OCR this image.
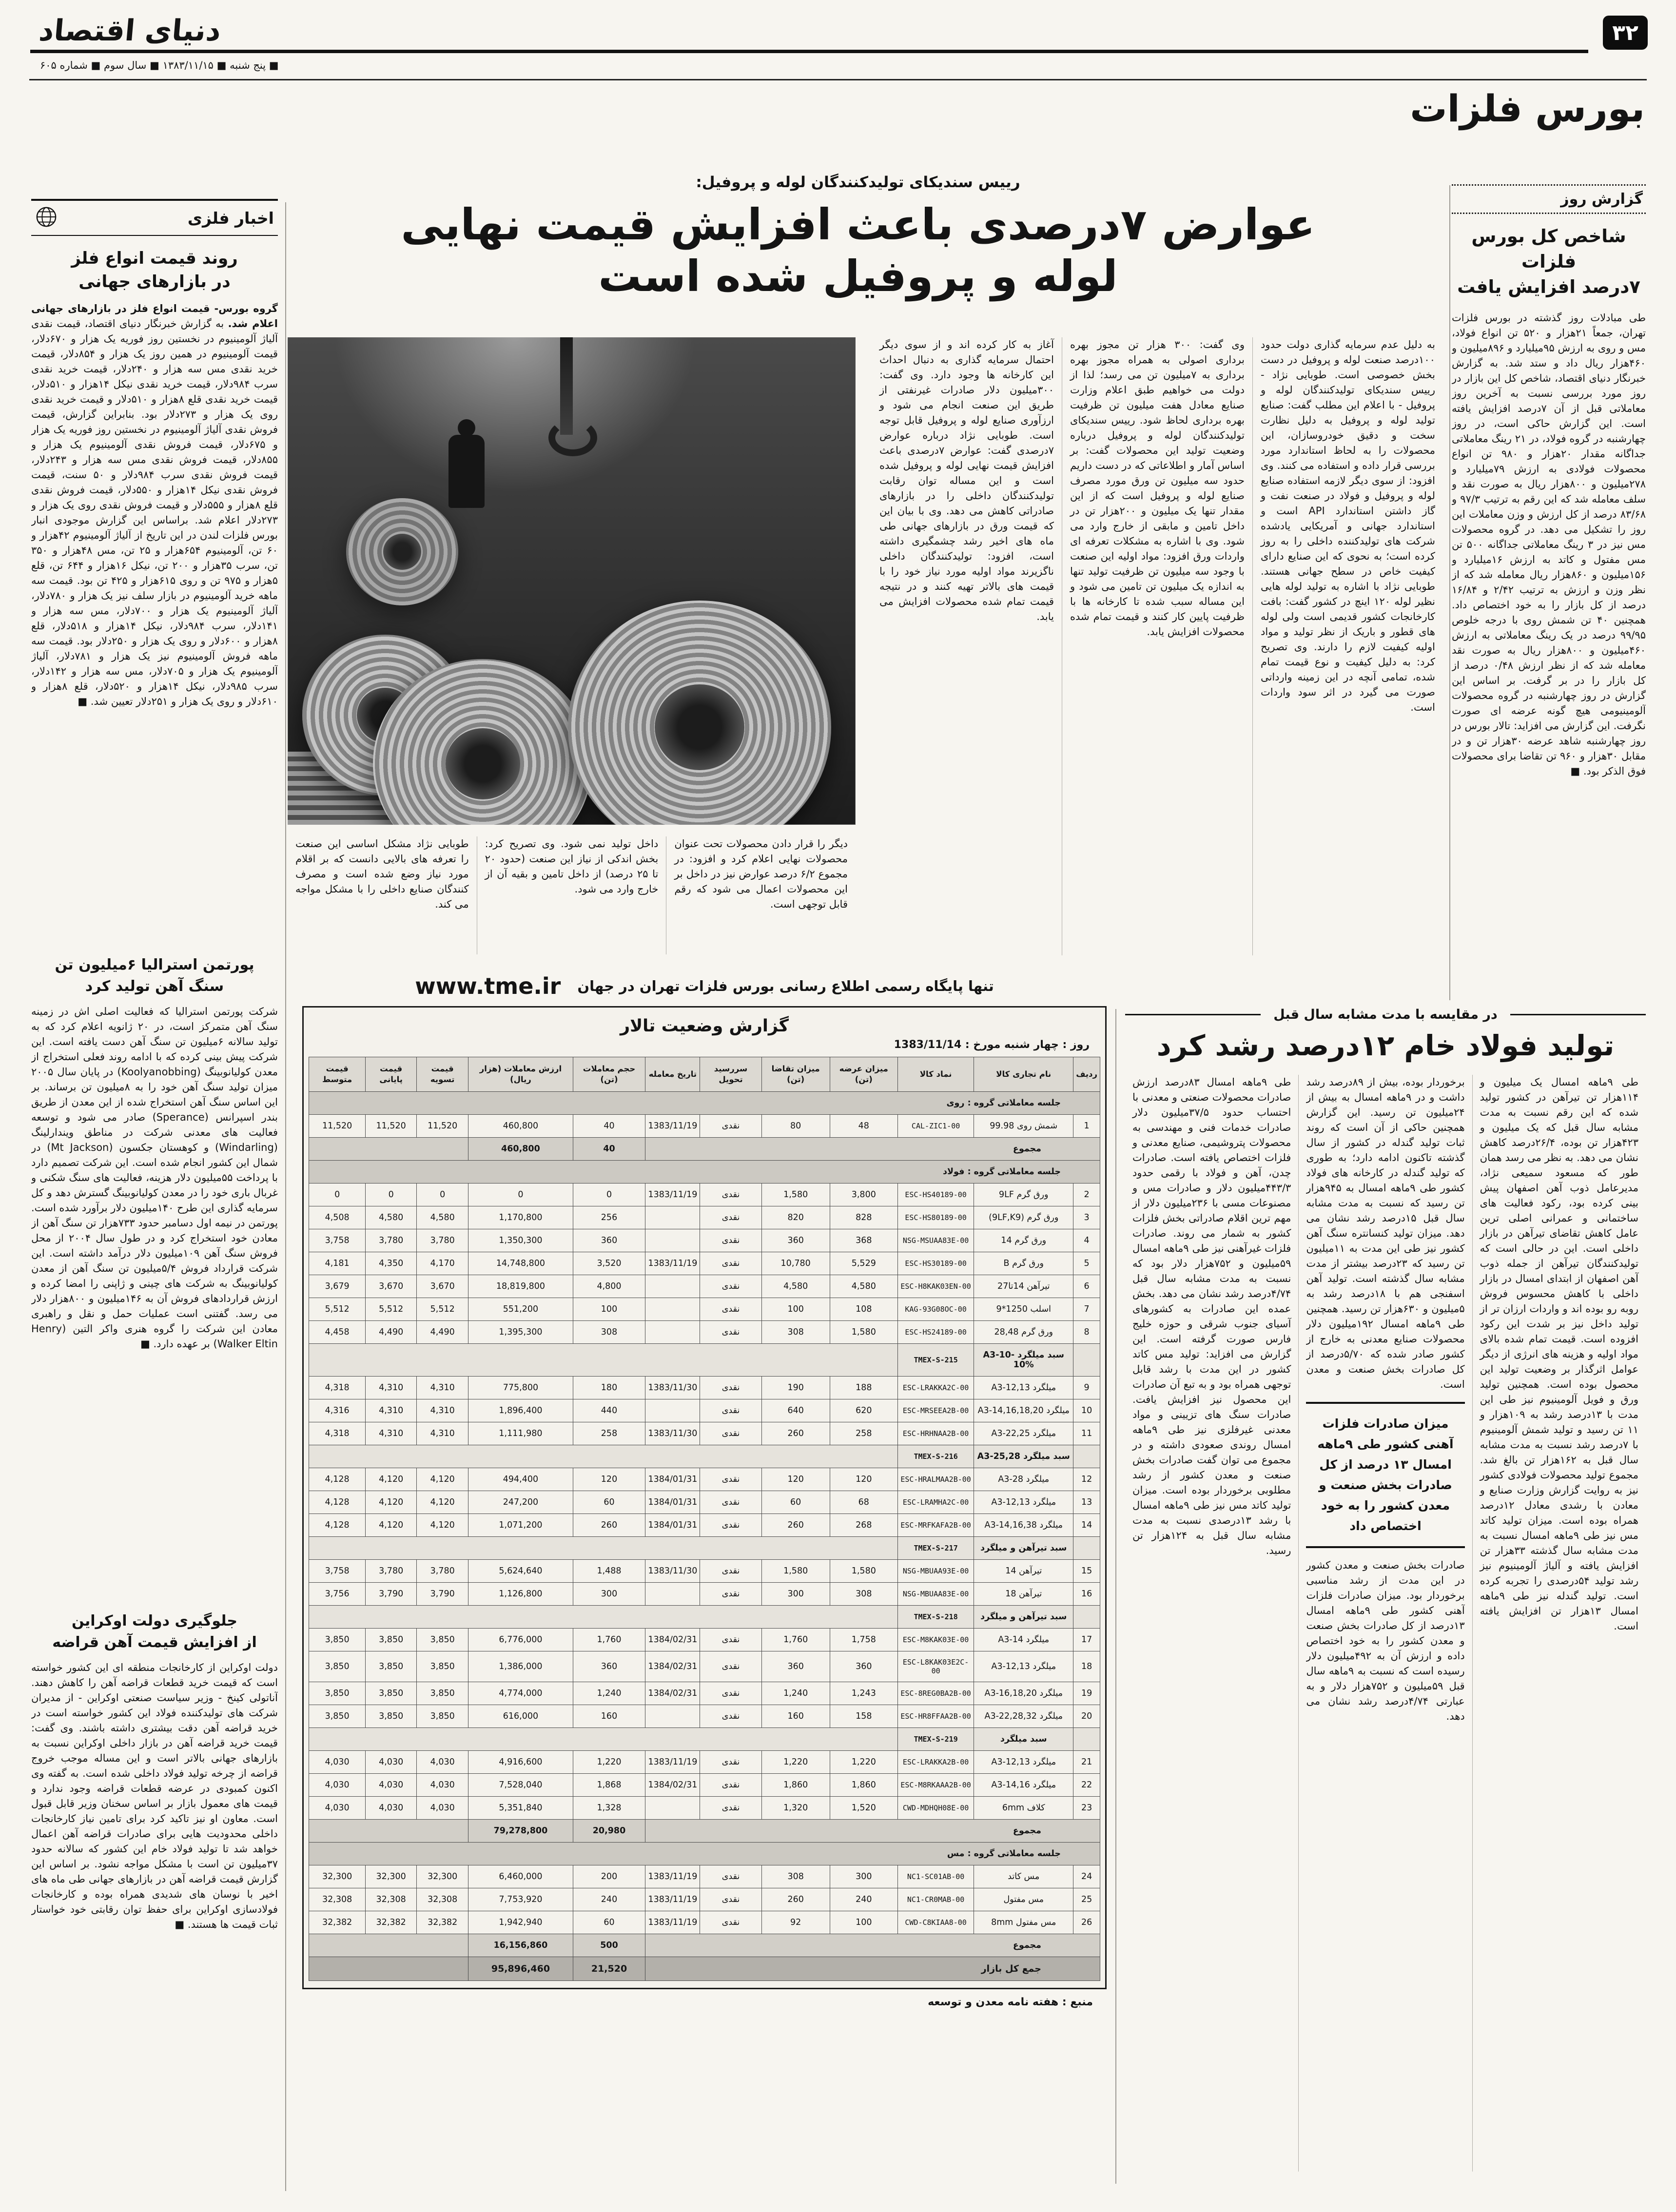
دنیای اقتصاد	۳۲
■ پنج شنبه ■ ۱۳۸۳/۱۱/۱۵ ■ سال سوم ■ شماره ۶۰۵
بورس فلزات
گزارش روز
شاخص کل بورس فلزات
۷درصد افزایش یافت
طی مبادلات روز گذشته در بورس فلزات تهران، جمعاً ۲۱هزار و ۵۲۰ تن انواع فولاد، مس و روی به ارزش ۹۵میلیارد و ۸۹۶میلیون و ۴۶۰هزار ریال داد و ستد شد. به گزارش خبرنگار دنیای اقتصاد، شاخص کل این بازار در روز مورد بررسی نسبت به آخرین روز معاملاتی قبل از آن ۷درصد افزایش یافته است. این گزارش حاکی است، در روز چهارشنبه در گروه فولاد، در ۲۱ رینگ معاملاتی جداگانه مقدار ۲۰هزار و ۹۸۰ تن انواع محصولات فولادی به ارزش ۷۹میلیارد و ۲۷۸میلیون و ۸۰۰هزار ریال به صورت نقد و سلف معامله شد که این رقم به ترتیب ۹۷/۳ و ۸۳/۶۸ درصد از کل ارزش و وزن معاملات این روز را تشکیل می دهد. در گروه محصولات مس نیز در ۳ رینگ معاملاتی جداگانه ۵۰۰ تن مس مفتول و کاتد به ارزش ۱۶میلیارد و ۱۵۶میلیون و ۸۶۰هزار ریال معامله شد که از نظر وزن و ارزش به ترتیب ۲/۴۲ و ۱۶/۸۴ درصد از کل بازار را به خود اختصاص داد. همچنین ۴۰ تن شمش روی با درجه خلوص ۹۹/۹۵ درصد در یک رینگ معاملاتی به ارزش ۴۶۰میلیون و ۸۰۰هزار ریال به صورت نقد معامله شد که از نظر ارزش ۰/۴۸ درصد از کل بازار را در بر گرفت. بر اساس این گزارش در روز چهارشنبه در گروه محصولات آلومینیومی هیچ گونه عرضه ای صورت نگرفت. این گزارش می افزاید: تالار بورس در روز چهارشنبه شاهد عرضه ۳۰هزار تن و در مقابل ۳۰هزار و ۹۶۰ تن تقاضا برای محصولات فوق الذکر بود. ■
رییس سندیکای تولیدکنندگان لوله و پروفیل:
عوارض ۷درصدی باعث افزایش قیمت نهایی
لوله و پروفیل شده است
به دلیل عدم سرمایه گذاری دولت حدود ۱۰۰درصد صنعت لوله و پروفیل در دست بخش خصوصی است. طوبایی نژاد - رییس سندیکای تولیدکنندگان لوله و پروفیل - با اعلام این مطلب گفت: صنایع تولید لوله و پروفیل به دلیل نظارت سخت و دقیق خودروسازان، این محصولات را به لحاظ استاندارد مورد بررسی قرار داده و استفاده می کنند. وی افزود: از سوی دیگر لازمه استفاده صنایع لوله و پروفیل و فولاد در صنعت نفت و گاز داشتن استاندارد API است و استاندارد جهانی و آمریکایی یادشده شرکت های تولیدکننده داخلی را به روز کرده است؛ به نحوی که این صنایع دارای کیفیت خاص در سطح جهانی هستند. طوبایی نژاد با اشاره به تولید لوله هایی نظیر لوله ۱۲۰ اینچ در کشور گفت: بافت کارخانجات کشور قدیمی است ولی لوله های قطور و باریک از نظر تولید و مواد اولیه کیفیت لازم را دارند. وی تصریح کرد: به دلیل کیفیت و نوع قیمت تمام شده، تمامی آنچه در این زمینه وارداتی صورت می گیرد در اثر سود واردات است.
وی گفت: ۳۰۰ هزار تن مجوز بهره برداری اصولی به همراه مجوز بهره برداری به ۷میلیون تن می رسد؛ لذا از دولت می خواهیم طبق اعلام وزارت صنایع معادل هفت میلیون تن ظرفیت بهره برداری لحاظ شود. رییس سندیکای تولیدکنندگان لوله و پروفیل درباره وضعیت تولید این محصولات گفت: بر اساس آمار و اطلاعاتی که در دست داریم حدود سه میلیون تن ورق مورد مصرف صنایع لوله و پروفیل است که از این مقدار تنها یک میلیون و ۲۰۰هزار تن در داخل تامین و مابقی از خارج وارد می شود. وی با اشاره به مشکلات تعرفه ای واردات ورق افزود: مواد اولیه این صنعت با وجود سه میلیون تن ظرفیت تولید تنها به اندازه یک میلیون تن تامین می شود و این مساله سبب شده تا کارخانه ها با ظرفیت پایین کار کنند و قیمت تمام شده محصولات افزایش یابد.
آغاز به کار کرده اند و از سوی دیگر احتمال سرمایه گذاری به دنبال احداث این کارخانه ها وجود دارد. وی گفت: ۳۰۰میلیون دلار صادرات غیرنفتی از طریق این صنعت انجام می شود و ارزآوری صنایع لوله و پروفیل قابل توجه است. طوبایی نژاد درباره عوارض ۷درصدی گفت: عوارض ۷درصدی باعث افزایش قیمت نهایی لوله و پروفیل شده است و این مساله توان رقابت تولیدکنندگان داخلی را در بازارهای صادراتی کاهش می دهد. وی با بیان این که قیمت ورق در بازارهای جهانی طی ماه های اخیر رشد چشمگیری داشته است، افزود: تولیدکنندگان داخلی ناگزیرند مواد اولیه مورد نیاز خود را با قیمت های بالاتر تهیه کنند و در نتیجه قیمت تمام شده محصولات افزایش می یابد.
دیگر را قرار دادن محصولات تحت عنوان محصولات نهایی اعلام کرد و افزود: در مجموع ۶/۲ درصد عوارض نیز در داخل بر این محصولات اعمال می شود که رقم قابل توجهی است.
داخل تولید نمی شود. وی تصریح کرد: بخش اندکی از نیاز این صنعت (حدود ۲۰ تا ۲۵ درصد) از داخل تامین و بقیه آن از خارج وارد می شود.
طوبایی نژاد مشکل اساسی این صنعت را تعرفه های بالایی دانست که بر اقلام مورد نیاز وضع شده است و مصرف کنندگان صنایع داخلی را با مشکل مواجه می کند.
اخبار فلزی
روند قیمت انواع فلز
در بازارهای جهانی
گروه بورس- قیمت انواع فلز در بازارهای جهانی اعلام شد. به گزارش خبرنگار دنیای اقتصاد، قیمت نقدی آلیاژ آلومینیوم در نخستین روز فوریه یک هزار و ۶۷۰دلار، قیمت آلومینیوم در همین روز یک هزار و ۸۵۴دلار، قیمت خرید نقدی مس سه هزار و ۲۴۰دلار، قیمت خرید نقدی سرب ۹۸۴دلار، قیمت خرید نقدی نیکل ۱۴هزار و ۵۱۰دلار، قیمت خرید نقدی قلع ۸هزار و ۵۱۰دلار و قیمت خرید نقدی روی یک هزار و ۲۷۳دلار بود. بنابراین گزارش، قیمت فروش نقدی آلیاژ آلومینیوم در نخستین روز فوریه یک هزار و ۶۷۵دلار، قیمت فروش نقدی آلومینیوم یک هزار و ۸۵۵دلار، قیمت فروش نقدی مس سه هزار و ۲۴۳دلار، قیمت فروش نقدی سرب ۹۸۴دلار و ۵۰ سنت، قیمت فروش نقدی نیکل ۱۴هزار و ۵۵۰دلار، قیمت فروش نقدی قلع ۸هزار و ۵۵۵دلار و قیمت فروش نقدی روی یک هزار و ۲۷۳دلار اعلام شد. براساس این گزارش موجودی انبار بورس فلزات لندن در این تاریخ از آلیاژ آلومینیوم ۴۲هزار و ۶۰ تن، آلومینیوم ۶۵۴هزار و ۲۵ تن، مس ۴۸هزار و ۳۵۰ تن، سرب ۳۵هزار و ۲۰۰ تن، نیکل ۱۶هزار و ۶۴۴ تن، قلع ۵هزار و ۹۷۵ تن و روی ۶۱۵هزار و ۴۲۵ تن بود. قیمت سه ماهه خرید آلومینیوم در بازار سلف نیز یک هزار و ۷۸۰دلار، آلیاژ آلومینیوم یک هزار و ۷۰۰دلار، مس سه هزار و ۱۴۱دلار، سرب ۹۸۴دلار، نیکل ۱۴هزار و ۵۱۸دلار، قلع ۸هزار و ۶۰۰دلار و روی یک هزار و ۲۵۰دلار بود. قیمت سه ماهه فروش آلومینیوم نیز یک هزار و ۷۸۱دلار، آلیاژ آلومینیوم یک هزار و ۷۰۵دلار، مس سه هزار و ۱۴۲دلار، سرب ۹۸۵دلار، نیکل ۱۴هزار و ۵۲۰دلار، قلع ۸هزار و ۶۱۰دلار و روی یک هزار و ۲۵۱دلار تعیین شد. ■
پورتمن استرالیا ۶میلیون تن
سنگ آهن تولید کرد
شرکت پورتمن استرالیا که فعالیت اصلی اش در زمینه سنگ آهن متمرکز است، در ۲۰ ژانویه اعلام کرد که به تولید سالانه ۶میلیون تن سنگ آهن دست یافته است. این شرکت پیش بینی کرده که با ادامه روند فعلی استخراج از معدن کولیانوبینگ (Koolyanobbing) در پایان سال ۲۰۰۵ میزان تولید سنگ آهن خود را به ۸میلیون تن برساند. بر این اساس سنگ آهن استخراج شده از این معدن از طریق بندر اسپرانس (Sperance) صادر می شود و توسعه فعالیت های معدنی شرکت در مناطق ویندارلینگ (Windarling) و کوهستان جکسون (Mt Jackson) در شمال این کشور انجام شده است. این شرکت تصمیم دارد با پرداخت ۵۵میلیون دلار هزینه، فعالیت های سنگ شکنی و غربال باری خود را در معدن کولیانوبینگ گسترش دهد و کل سرمایه گذاری این طرح ۱۴۰میلیون دلار برآورد شده است. پورتمن در نیمه اول دسامبر حدود ۷۳۳هزار تن سنگ آهن از معادن خود استخراج کرد و در طول سال ۲۰۰۴ از محل فروش سنگ آهن ۱۰۹میلیون دلار درآمد داشته است. این شرکت قرارداد فروش ۵/۴میلیون تن سنگ آهن از معدن کولیانوبینگ به شرکت های چینی و ژاپنی را امضا کرده و ارزش قراردادهای فروش آن به ۱۴۶میلیون و ۸۰۰هزار دلار می رسد. گفتنی است عملیات حمل و نقل و راهبری معادن این شرکت را گروه هنری واکر التین (Henry Walker Eltin) بر عهده دارد. ■
جلوگیری دولت اوکراین
از افزایش قیمت آهن قراضه
دولت اوکراین از کارخانجات منطقه ای این کشور خواسته است که قیمت خرید قطعات قراضه آهن را کاهش دهند. آناتولی کینخ - وزیر سیاست صنعتی اوکراین - از مدیران شرکت های تولیدکننده فولاد این کشور خواسته است در خرید قراضه آهن دقت بیشتری داشته باشند. وی گفت: قیمت خرید قراضه آهن در بازار داخلی اوکراین نسبت به بازارهای جهانی بالاتر است و این مساله موجب خروج قراضه از چرخه تولید فولاد داخلی شده است. به گفته وی اکنون کمبودی در عرضه قطعات قراضه وجود ندارد و قیمت های معمول بازار بر اساس سخنان وزیر قابل قبول است. معاون او نیز تاکید کرد برای تامین نیاز کارخانجات داخلی محدودیت هایی برای صادرات قراضه آهن اعمال خواهد شد تا تولید فولاد خام این کشور که سالانه حدود ۳۷میلیون تن است با مشکل مواجه نشود. بر اساس این گزارش قیمت قراضه آهن در بازارهای جهانی طی ماه های اخیر با نوسان های شدیدی همراه بوده و کارخانجات فولادسازی اوکراین برای حفظ توان رقابتی خود خواستار ثبات قیمت ها هستند. ■
تنها پایگاه رسمی اطلاع رسانی بورس فلزات تهران در جهان
www.tme.ir
گزارش وضعیت تالار
روز : چهار شنبه مورخ : 1383/11/14
ردیف	نام تجاری کالا	نماد کالا	میزان عرضه (تن)	میزان تقاضا (تن)	سررسید تحویل	تاریخ معامله	حجم معاملات (تن)	ارزش معاملات (هزار ریال)	قیمت تسویه	قیمت پایانی	قیمت متوسط
جلسه معاملاتی گروه : روی											
1	شمش روی 99.98	CAL-ZIC1-00	48	80	نقدی	1383/11/19	40	460,800	11,520	11,520	11,520
مجموع							40	460,800			
جلسه معاملاتی گروه : فولاد											
2	ورق گرم 9LF	ESC-HS40189-00	3,800	1,580	نقدی	1383/11/19	0	0	0	0	0
3	ورق گرم (9LF,K9)	ESC-HS80189-00	828	820	نقدی		256	1,170,800	4,580	4,580	4,508
4	ورق گرم 14	NSG-MSUAA83E-00	368	360	نقدی		360	1,350,300	3,780	3,780	3,758
5	ورق گرم B	ESC-HS30189-00	5,529	10,780	نقدی	1383/11/19	3,520	14,748,800	4,170	4,350	4,181
6	تیرآهن 14تا27	ESC-H8KAK03EN-00	4,580	4,580	نقدی		4,800	18,819,800	3,670	3,670	3,679
7	اسلب 1250*9	KAG-93G08OC-00	108	100	نقدی		100	551,200	5,512	5,512	5,512
8	ورق گرم 28,48	ESC-HS24189-00	1,580	308	نقدی		308	1,395,300	4,490	4,490	4,458
	سبد میلگرد A3-10-10%	TMEX-S-215									
9	میلگرد A3-12,13	ESC-LRAKKA2C-00	188	190	نقدی	1383/11/30	180	775,800	4,310	4,310	4,318
10	میلگرد A3-14,16,18,20	ESC-MRSEEA2B-00	620	640	نقدی		440	1,896,400	4,310	4,310	4,316
11	میلگرد A3-22,25	ESC-HRHNAA2B-00	258	260	نقدی	1383/11/30	258	1,111,980	4,310	4,310	4,318
	سبد میلگرد A3-25,28	TMEX-S-216									
12	میلگرد A3-28	ESC-HRALMAA2B-00	120	120	نقدی	1384/01/31	120	494,400	4,120	4,120	4,128
13	میلگرد A3-12,13	ESC-LRAMHA2C-00	68	60	نقدی	1384/01/31	60	247,200	4,120	4,120	4,128
14	میلگرد A3-14,16,38	ESC-MRFKAFA2B-00	268	260	نقدی	1384/01/31	260	1,071,200	4,120	4,120	4,128
	سبد تیرآهن و میلگرد	TMEX-S-217									
15	تیرآهن 14	NSG-MBUAA93E-00	1,580	1,580	نقدی	1383/11/30	1,488	5,624,640	3,780	3,780	3,758
16	تیرآهن 18	NSG-MBUAA83E-00	308	300	نقدی		300	1,126,800	3,790	3,790	3,756
	سبد تیرآهن و میلگرد	TMEX-S-218									
17	میلگرد A3-14	ESC-M8KAK03E-00	1,758	1,760	نقدی	1384/02/31	1,760	6,776,000	3,850	3,850	3,850
18	میلگرد A3-12,13	ESC-L8KAK03E2C-00	360	360	نقدی	1384/02/31	360	1,386,000	3,850	3,850	3,850
19	میلگرد A3-16,18,20	ESC-8REG0BA2B-00	1,243	1,240	نقدی	1384/02/31	1,240	4,774,000	3,850	3,850	3,850
20	میلگرد A3-22,28,32	ESC-HR8FFAA2B-00	158	160	نقدی		160	616,000	3,850	3,850	3,850
	سبد میلگرد	TMEX-S-219									
21	میلگرد A3-12,13	ESC-LRAKKA2B-00	1,220	1,220	نقدی	1383/11/19	1,220	4,916,600	4,030	4,030	4,030
22	میلگرد A3-14,16	ESC-M8RKAAA2B-00	1,860	1,860	نقدی	1384/02/31	1,868	7,528,040	4,030	4,030	4,030
23	کلاف 6mm	CWD-MDHQH08E-00	1,520	1,320	نقدی		1,328	5,351,840	4,030	4,030	4,030
مجموع							20,980	79,278,800			
جلسه معاملاتی گروه : مس											
24	مس کاتد	NC1-SC01AB-00	300	308	نقدی	1383/11/19	200	6,460,000	32,300	32,300	32,300
25	مس مفتول	NC1-CR0MAB-00	240	260	نقدی	1383/11/19	240	7,753,920	32,308	32,308	32,308
26	مس مفتول 8mm	CWD-C8KIAA8-00	100	92	نقدی	1383/11/19	60	1,942,940	32,382	32,382	32,382
مجموع							500	16,156,860			
جمع کل بازار							21,520	95,896,460			
منبع : هفته نامه معدن و توسعه
در مقایسه با مدت مشابه سال قبل
تولید فولاد خام ۱۲درصد رشد کرد
طی ۹ماهه امسال یک میلیون و ۱۱۴هزار تن تیرآهن در کشور تولید شده که این رقم نسبت به مدت مشابه سال قبل که یک میلیون و ۴۲۳هزار تن بوده، ۲۶/۴درصد کاهش نشان می دهد. به نظر می رسد همان طور که مسعود سمیعی نژاد، مدیرعامل ذوب آهن اصفهان پیش بینی کرده بود، رکود فعالیت های ساختمانی و عمرانی اصلی ترین عامل کاهش تقاضای تیرآهن در بازار داخلی است. این در حالی است که تولیدکنندگان تیرآهن از جمله ذوب آهن اصفهان از ابتدای امسال در بازار داخلی با کاهش محسوس فروش روبه رو بوده اند و واردات ارزان تر از تولید داخل نیز بر شدت این رکود افزوده است. قیمت تمام شده بالای مواد اولیه و هزینه های انرژی از دیگر عوامل اثرگذار بر وضعیت تولید این محصول بوده است. همچنین تولید ورق و فویل آلومینیوم نیز طی این مدت با ۱۳درصد رشد به ۱۰۹هزار و ۱۱ تن رسید و تولید شمش آلومینیوم با ۷درصد رشد نسبت به مدت مشابه سال قبل به ۱۶۲هزار تن بالغ شد. مجموع تولید محصولات فولادی کشور نیز به روایت گزارش وزارت صنایع و معادن با رشدی معادل ۱۲درصد همراه بوده است. میزان تولید کاتد مس نیز طی ۹ماهه امسال نسبت به مدت مشابه سال گذشته ۳۳هزار تن افزایش یافته و آلیاژ آلومینیوم نیز رشد تولید ۵۴درصدی را تجربه کرده است. تولید گندله نیز طی ۹ماهه امسال ۱۳هزار تن افزایش یافته است.
برخوردار بوده، بیش از ۸۹درصد رشد داشت و در ۹ماهه امسال به بیش از ۲۴میلیون تن رسید. این گزارش همچنین حاکی از آن است که روند ثبات تولید گندله در کشور از سال گذشته تاکنون ادامه دارد؛ به طوری که تولید گندله در کارخانه های فولاد کشور طی ۹ماهه امسال به ۹۴۵هزار تن رسید که نسبت به مدت مشابه سال قبل ۱۵درصد رشد نشان می دهد. میزان تولید کنسانتره سنگ آهن کشور نیز طی این مدت به ۱۱میلیون تن رسید که ۲۳درصد بیشتر از مدت مشابه سال گذشته است. تولید آهن اسفنجی هم با ۱۸درصد رشد به ۵میلیون و ۶۳۰هزار تن رسید. همچنین طی ۹ماهه امسال ۱۹۲میلیون دلار محصولات صنایع معدنی به خارج از کشور صادر شده که ۵/۷۰درصد از کل صادرات بخش صنعت و معدن است.
میزان صادرات فلزات آهنی کشور طی ۹ماهه امسال ۱۳ درصد از کل صادرات بخش صنعت و معدن کشور را به خود اختصاص داد
صادرات بخش صنعت و معدن کشور در این مدت از رشد مناسبی برخوردار بود. میزان صادرات فلزات آهنی کشور طی ۹ماهه امسال ۱۳درصد از کل صادرات بخش صنعت و معدن کشور را به خود اختصاص داده و ارزش آن به ۴۹۲میلیون دلار رسیده است که نسبت به ۹ماهه سال قبل ۵۹میلیون و ۷۵۲هزار دلار و به عبارتی ۴/۷۴درصد رشد نشان می دهد.
طی ۹ماهه امسال ۸۳درصد ارزش صادرات محصولات صنعتی و معدنی با احتساب حدود ۳۷/۵میلیون دلار صادرات خدمات فنی و مهندسی به محصولات پتروشیمی، صنایع معدنی و فلزات اختصاص یافته است. صادرات چدن، آهن و فولاد با رقمی حدود ۴۴۳/۳میلیون دلار و صادرات مس و مصنوعات مسی با ۲۳۶میلیون دلار از مهم ترین اقلام صادراتی بخش فلزات کشور به شمار می روند. صادرات فلزات غیرآهنی نیز طی ۹ماهه امسال ۵۹میلیون و ۷۵۲هزار دلار بود که نسبت به مدت مشابه سال قبل ۴/۷۴درصد رشد نشان می دهد. بخش عمده این صادرات به کشورهای آسیای جنوب شرقی و حوزه خلیج فارس صورت گرفته است. این گزارش می افزاید: تولید مس کاتد کشور در این مدت با رشد قابل توجهی همراه بود و به تبع آن صادرات این محصول نیز افزایش یافت. صادرات سنگ های تزیینی و مواد معدنی غیرفلزی نیز طی ۹ماهه امسال روندی صعودی داشته و در مجموع می توان گفت صادرات بخش صنعت و معدن کشور از رشد مطلوبی برخوردار بوده است. میزان تولید کاتد مس نیز طی ۹ماهه امسال با رشد ۱۳درصدی نسبت به مدت مشابه سال قبل به ۱۲۴هزار تن رسید.
